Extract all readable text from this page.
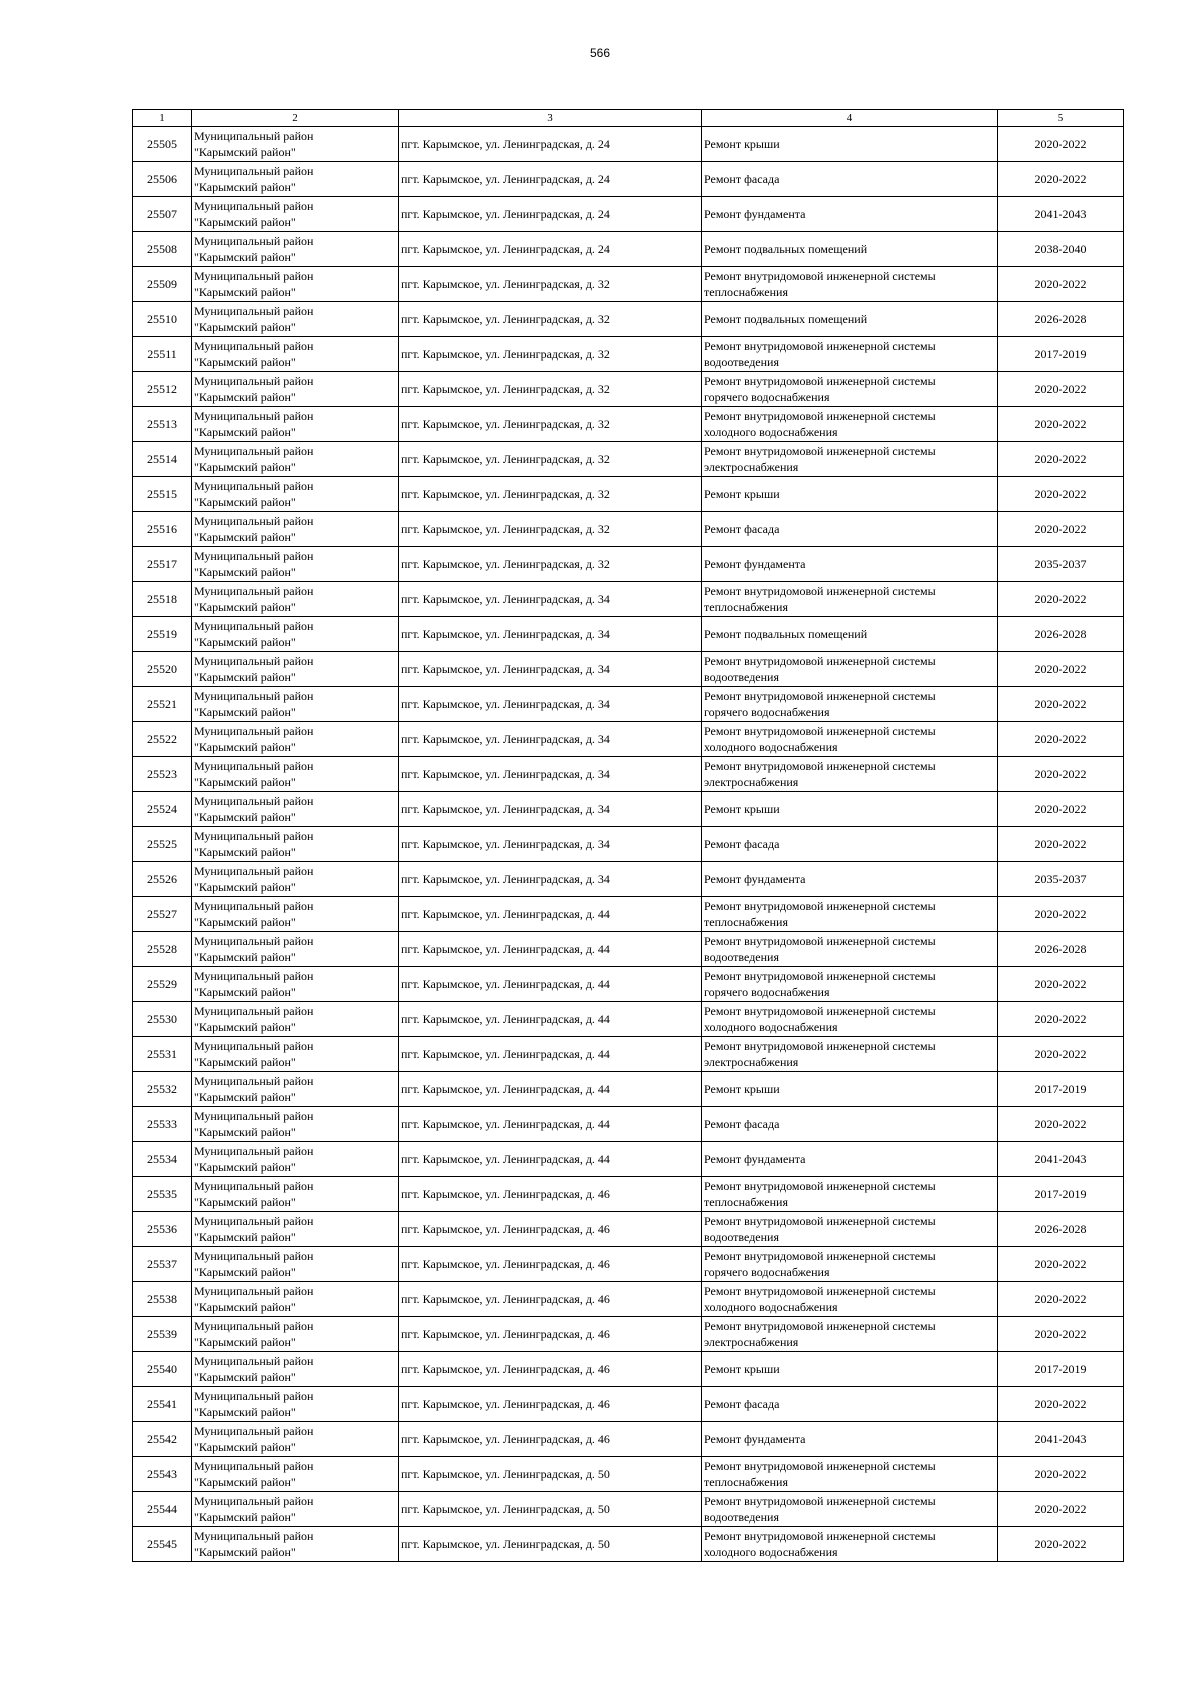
566
1	2	3	4	5

25505	Муниципальный район
"Карымский район"	пгт. Карымское, ул. Ленинградская, д. 24	Ремонт крыши	2020-2022

25506	Муниципальный район
"Карымский район"	пгт. Карымское, ул. Ленинградская, д. 24	Ремонт фасада	2020-2022

25507	Муниципальный район
"Карымский район"	пгт. Карымское, ул. Ленинградская, д. 24	Ремонт фундамента	2041-2043

25508	Муниципальный район
"Карымский район"	пгт. Карымское, ул. Ленинградская, д. 24	Ремонт подвальных помещений	2038-2040

25509	Муниципальный район
"Карымский район"	пгт. Карымское, ул. Ленинградская, д. 32	Ремонт внутридомовой инженерной системы
теплоснабжения	2020-2022

25510	Муниципальный район
"Карымский район"	пгт. Карымское, ул. Ленинградская, д. 32	Ремонт подвальных помещений	2026-2028

25511	Муниципальный район
"Карымский район"	пгт. Карымское, ул. Ленинградская, д. 32	Ремонт внутридомовой инженерной системы
водоотведения	2017-2019

25512	Муниципальный район
"Карымский район"	пгт. Карымское, ул. Ленинградская, д. 32	Ремонт внутридомовой инженерной системы
горячего водоснабжения	2020-2022

25513	Муниципальный район
"Карымский район"	пгт. Карымское, ул. Ленинградская, д. 32	Ремонт внутридомовой инженерной системы
холодного водоснабжения	2020-2022

25514	Муниципальный район
"Карымский район"	пгт. Карымское, ул. Ленинградская, д. 32	Ремонт внутридомовой инженерной системы
электроснабжения	2020-2022

25515	Муниципальный район
"Карымский район"	пгт. Карымское, ул. Ленинградская, д. 32	Ремонт крыши	2020-2022

25516	Муниципальный район
"Карымский район"	пгт. Карымское, ул. Ленинградская, д. 32	Ремонт фасада	2020-2022

25517	Муниципальный район
"Карымский район"	пгт. Карымское, ул. Ленинградская, д. 32	Ремонт фундамента	2035-2037

25518	Муниципальный район
"Карымский район"	пгт. Карымское, ул. Ленинградская, д. 34	Ремонт внутридомовой инженерной системы
теплоснабжения	2020-2022

25519	Муниципальный район
"Карымский район"	пгт. Карымское, ул. Ленинградская, д. 34	Ремонт подвальных помещений	2026-2028

25520	Муниципальный район
"Карымский район"	пгт. Карымское, ул. Ленинградская, д. 34	Ремонт внутридомовой инженерной системы
водоотведения	2020-2022

25521	Муниципальный район
"Карымский район"	пгт. Карымское, ул. Ленинградская, д. 34	Ремонт внутридомовой инженерной системы
горячего водоснабжения	2020-2022

25522	Муниципальный район
"Карымский район"	пгт. Карымское, ул. Ленинградская, д. 34	Ремонт внутридомовой инженерной системы
холодного водоснабжения	2020-2022

25523	Муниципальный район
"Карымский район"	пгт. Карымское, ул. Ленинградская, д. 34	Ремонт внутридомовой инженерной системы
электроснабжения	2020-2022

25524	Муниципальный район
"Карымский район"	пгт. Карымское, ул. Ленинградская, д. 34	Ремонт крыши	2020-2022

25525	Муниципальный район
"Карымский район"	пгт. Карымское, ул. Ленинградская, д. 34	Ремонт фасада	2020-2022

25526	Муниципальный район
"Карымский район"	пгт. Карымское, ул. Ленинградская, д. 34	Ремонт фундамента	2035-2037

25527	Муниципальный район
"Карымский район"	пгт. Карымское, ул. Ленинградская, д. 44	Ремонт внутридомовой инженерной системы
теплоснабжения	2020-2022

25528	Муниципальный район
"Карымский район"	пгт. Карымское, ул. Ленинградская, д. 44	Ремонт внутридомовой инженерной системы
водоотведения	2026-2028

25529	Муниципальный район
"Карымский район"	пгт. Карымское, ул. Ленинградская, д. 44	Ремонт внутридомовой инженерной системы
горячего водоснабжения	2020-2022

25530	Муниципальный район
"Карымский район"	пгт. Карымское, ул. Ленинградская, д. 44	Ремонт внутридомовой инженерной системы
холодного водоснабжения	2020-2022

25531	Муниципальный район
"Карымский район"	пгт. Карымское, ул. Ленинградская, д. 44	Ремонт внутридомовой инженерной системы
электроснабжения	2020-2022

25532	Муниципальный район
"Карымский район"	пгт. Карымское, ул. Ленинградская, д. 44	Ремонт крыши	2017-2019

25533	Муниципальный район
"Карымский район"	пгт. Карымское, ул. Ленинградская, д. 44	Ремонт фасада	2020-2022

25534	Муниципальный район
"Карымский район"	пгт. Карымское, ул. Ленинградская, д. 44	Ремонт фундамента	2041-2043

25535	Муниципальный район
"Карымский район"	пгт. Карымское, ул. Ленинградская, д. 46	Ремонт внутридомовой инженерной системы
теплоснабжения	2017-2019

25536	Муниципальный район
"Карымский район"	пгт. Карымское, ул. Ленинградская, д. 46	Ремонт внутридомовой инженерной системы
водоотведения	2026-2028

25537	Муниципальный район
"Карымский район"	пгт. Карымское, ул. Ленинградская, д. 46	Ремонт внутридомовой инженерной системы
горячего водоснабжения	2020-2022

25538	Муниципальный район
"Карымский район"	пгт. Карымское, ул. Ленинградская, д. 46	Ремонт внутридомовой инженерной системы
холодного водоснабжения	2020-2022

25539	Муниципальный район
"Карымский район"	пгт. Карымское, ул. Ленинградская, д. 46	Ремонт внутридомовой инженерной системы
электроснабжения	2020-2022

25540	Муниципальный район
"Карымский район"	пгт. Карымское, ул. Ленинградская, д. 46	Ремонт крыши	2017-2019

25541	Муниципальный район
"Карымский район"	пгт. Карымское, ул. Ленинградская, д. 46	Ремонт фасада	2020-2022

25542	Муниципальный район
"Карымский район"	пгт. Карымское, ул. Ленинградская, д. 46	Ремонт фундамента	2041-2043

25543	Муниципальный район
"Карымский район"	пгт. Карымское, ул. Ленинградская, д. 50	Ремонт внутридомовой инженерной системы
теплоснабжения	2020-2022

25544	Муниципальный район
"Карымский район"	пгт. Карымское, ул. Ленинградская, д. 50	Ремонт внутридомовой инженерной системы
водоотведения	2020-2022

25545	Муниципальный район
"Карымский район"	пгт. Карымское, ул. Ленинградская, д. 50	Ремонт внутридомовой инженерной системы
холодного водоснабжения	2020-2022
